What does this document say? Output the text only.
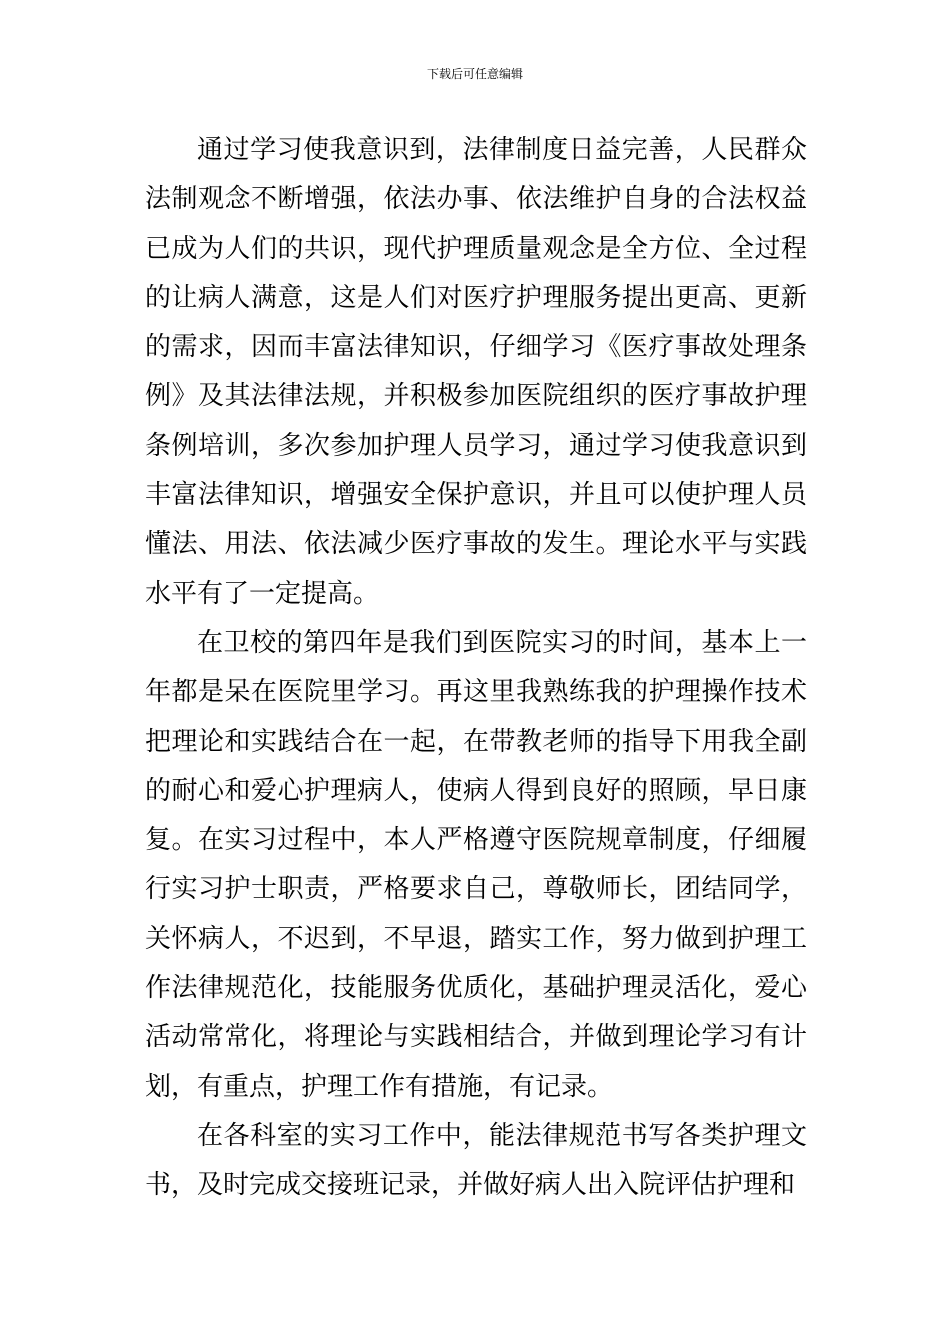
下载后可任意编辑

通过学习使我意识到，法律制度日益完善，人民群众法制观念不断增强，依法办事、依法维护自身的合法权益已成为人们的共识，现代护理质量观念是全方位、全过程的让病人满意，这是人们对医疗护理服务提出更高、更新的需求，因而丰富法律知识，仔细学习《医疗事故处理条例》及其法律法规，并积极参加医院组织的医疗事故护理条例培训，多次参加护理人员学习，通过学习使我意识到丰富法律知识，增强安全保护意识，并且可以使护理人员懂法、用法、依法减少医疗事故的发生。理论水平与实践水平有了一定提高。

在卫校的第四年是我们到医院实习的时间，基本上一年都是呆在医院里学习。再这里我熟练我的护理操作技术把理论和实践结合在一起，在带教老师的指导下用我全副的耐心和爱心护理病人，使病人得到良好的照顾，早日康复。在实习过程中，本人严格遵守医院规章制度，仔细履行实习护士职责，严格要求自己，尊敬师长，团结同学，关怀病人，不迟到，不早退，踏实工作，努力做到护理工作法律规范化，技能服务优质化，基础护理灵活化，爱心活动常常化，将理论与实践相结合，并做到理论学习有计划，有重点，护理工作有措施，有记录。

在各科室的实习工作中，能法律规范书写各类护理文书，及时完成交接班记录，并做好病人出入院评估护理和
